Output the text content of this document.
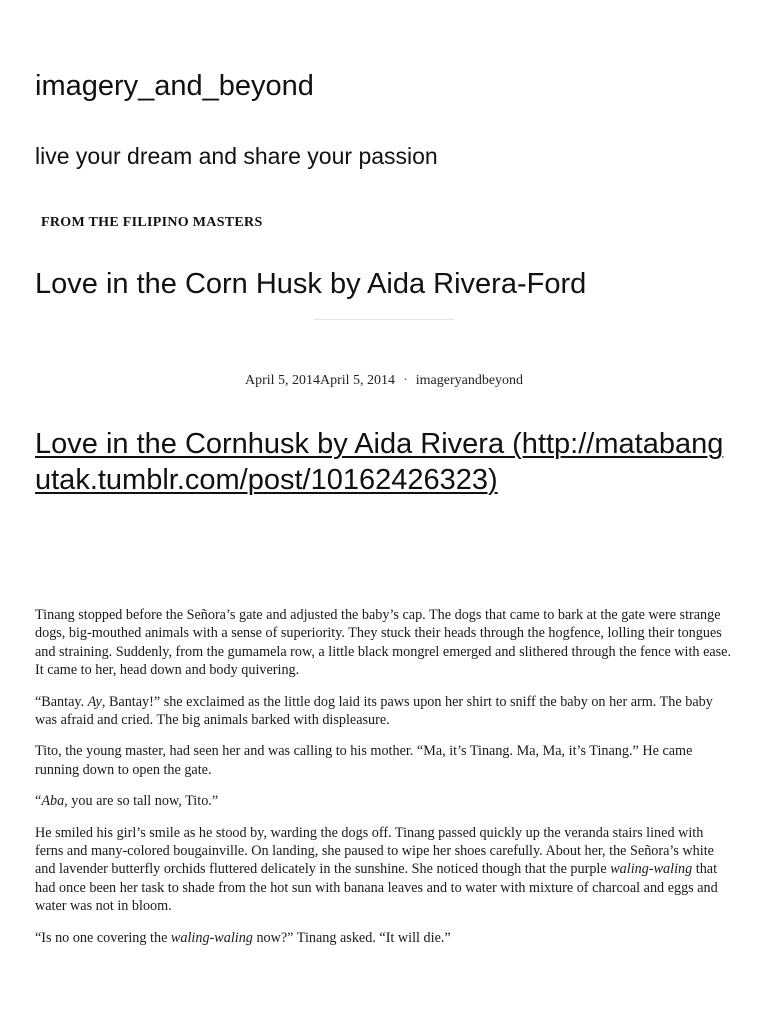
imagery_and_beyond
live your dream and share your passion
FROM THE FILIPINO MASTERS
Love in the Corn Husk by Aida Rivera-Ford
April 5, 2014April 5, 2014 · imageryandbeyond
Love in the Cornhusk by Aida Rivera (http://matabangutak.tumblr.com/post/10162426323)

Tinang stopped before the Señora’s gate and adjusted the baby’s cap. The dogs that came to bark at the gate were strange dogs, big-mouthed animals with a sense of superiority. They stuck their heads through the hogfence, lolling their tongues and straining. Suddenly, from the gumamela row, a little black mongrel emerged and slithered through the fence with ease. It came to her, head down and body quivering.

“Bantay. Ay, Bantay!” she exclaimed as the little dog laid its paws upon her shirt to sniff the baby on her arm. The baby was afraid and cried. The big animals barked with displeasure.

Tito, the young master, had seen her and was calling to his mother. “Ma, it’s Tinang. Ma, Ma, it’s Tinang.” He came running down to open the gate.

“Aba, you are so tall now, Tito.”

He smiled his girl’s smile as he stood by, warding the dogs off. Tinang passed quickly up the veranda stairs lined with ferns and many-colored bougainville. On landing, she paused to wipe her shoes carefully. About her, the Señora’s white and lavender butterfly orchids fluttered delicately in the sunshine. She noticed though that the purple waling-waling that had once been her task to shade from the hot sun with banana leaves and to water with mixture of charcoal and eggs and water was not in bloom.

“Is no one covering the waling-waling now?” Tinang asked. “It will die.”
